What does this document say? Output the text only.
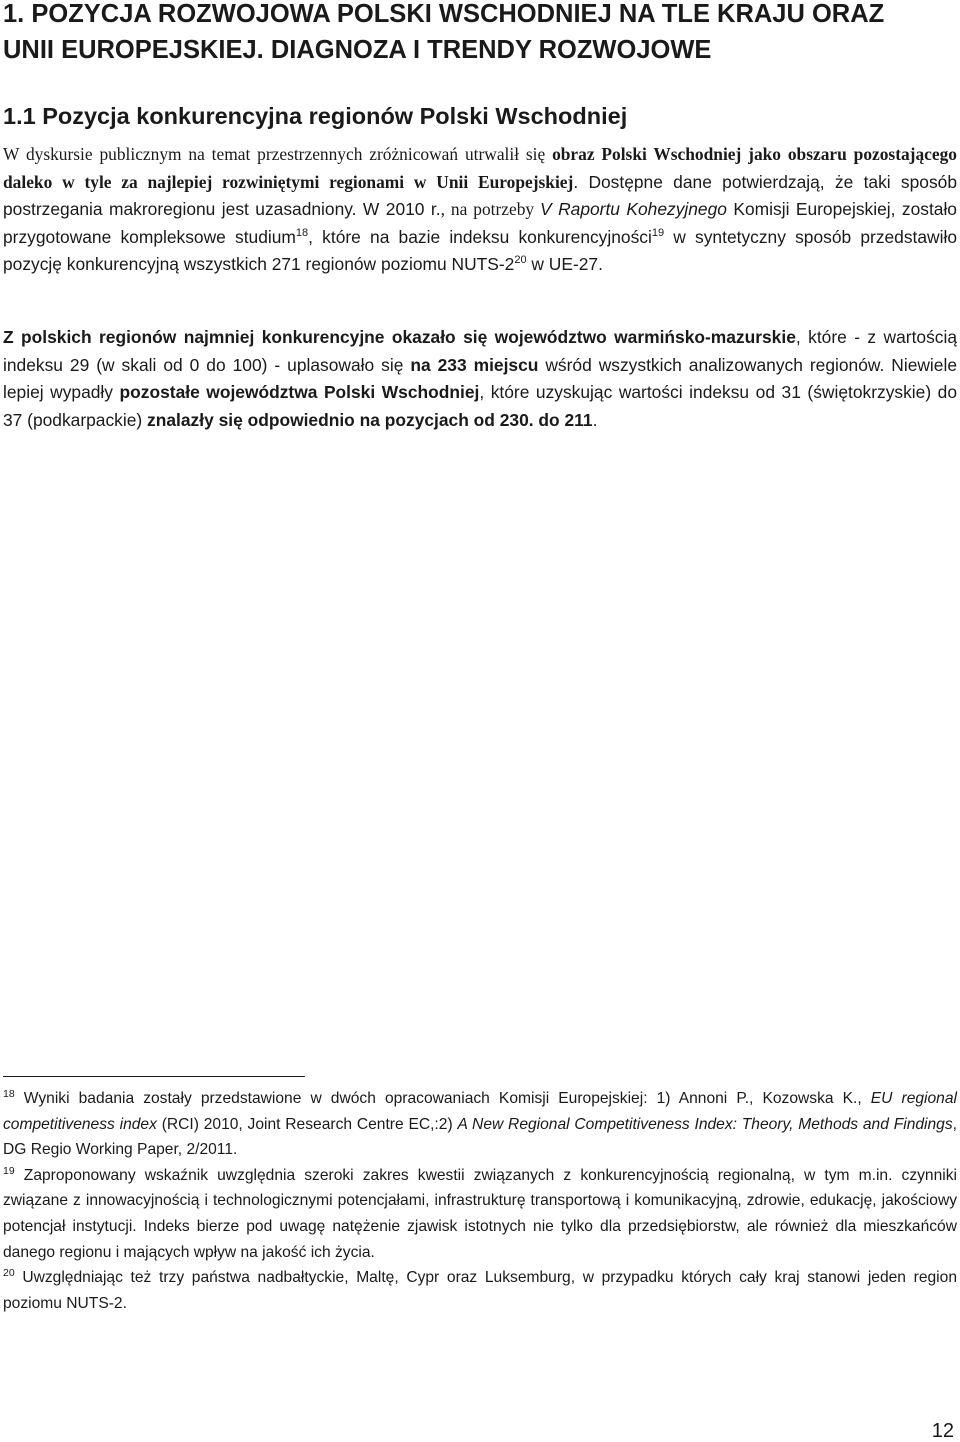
1. POZYCJA ROZWOJOWA POLSKI WSCHODNIEJ NA TLE KRAJU ORAZ
UNII EUROPEJSKIEJ. DIAGNOZA I TRENDY ROZWOJOWE
1.1 Pozycja konkurencyjna regionów Polski Wschodniej

W dyskursie publicznym na temat przestrzennych zróżnicowań utrwalił się obraz Polski Wschodniej jako obszaru pozostającego daleko w tyle za najlepiej rozwiniętymi regionami w Unii Europejskiej. Dostępne dane potwierdzają, że taki sposób postrzegania makroregionu jest uzasadniony. W 2010 r., na potrzeby V Raportu Kohezyjnego Komisji Europejskiej, zostało przygotowane kompleksowe studium$^{18}$, które na bazie indeksu konkurencyjności$^{19}$ w syntetyczny sposób przedstawiło pozycję konkurencyjną wszystkich 271 regionów poziomu NUTS-$2^{20}$ w UE-27.

Z polskich regionów najmniej konkurencyjne okazało się województwo warmińsko-mazurskie, które - z wartością indeksu 29 (w skali od 0 do 100) - uplasowało się na 233 miejscu wśród wszystkich analizowanych regionów. Niewiele lepiej wypadły pozostałe województwa Polski Wschodniej, które uzyskując wartości indeksu od 31 (świętokrzyskie) do 37 (podkarpackie) znalazły się odpowiednio na pozycjach od 230. do 211.

$^{18}$ Wyniki badania zostały przedstawione w dwóch opracowaniach Komisji Europejskiej: 1) Annoni P., Kozowska K., EU regional competitiveness index (RCI) 2010, Joint Research Centre EC,:2) A New Regional Competitiveness Index: Theory, Methods and Findings, DG Regio Working Paper, 2/2011.

$^{19}$ Zaproponowany wskaźnik uwzględnia szeroki zakres kwestii związanych z konkurencyjnością regionalną, w tym m.in. czynniki związane z innowacyjnością i technologicznymi potencjałami, infrastrukturę transportową i komunikacyjną, zdrowie, edukację, jakościowy potencjał instytucji. Indeks bierze pod uwagę natężenie zjawisk istotnych nie tylko dla przedsiębiorstw, ale również dla mieszkańców danego regionu i mających wpływ na jakość ich życia.

$^{20}$ Uwzględniając też trzy państwa nadbałtyckie, Maltę, Cypr oraz Luksemburg, w przypadku których cały kraj stanowi jeden region poziomu NUTS-2.

12
